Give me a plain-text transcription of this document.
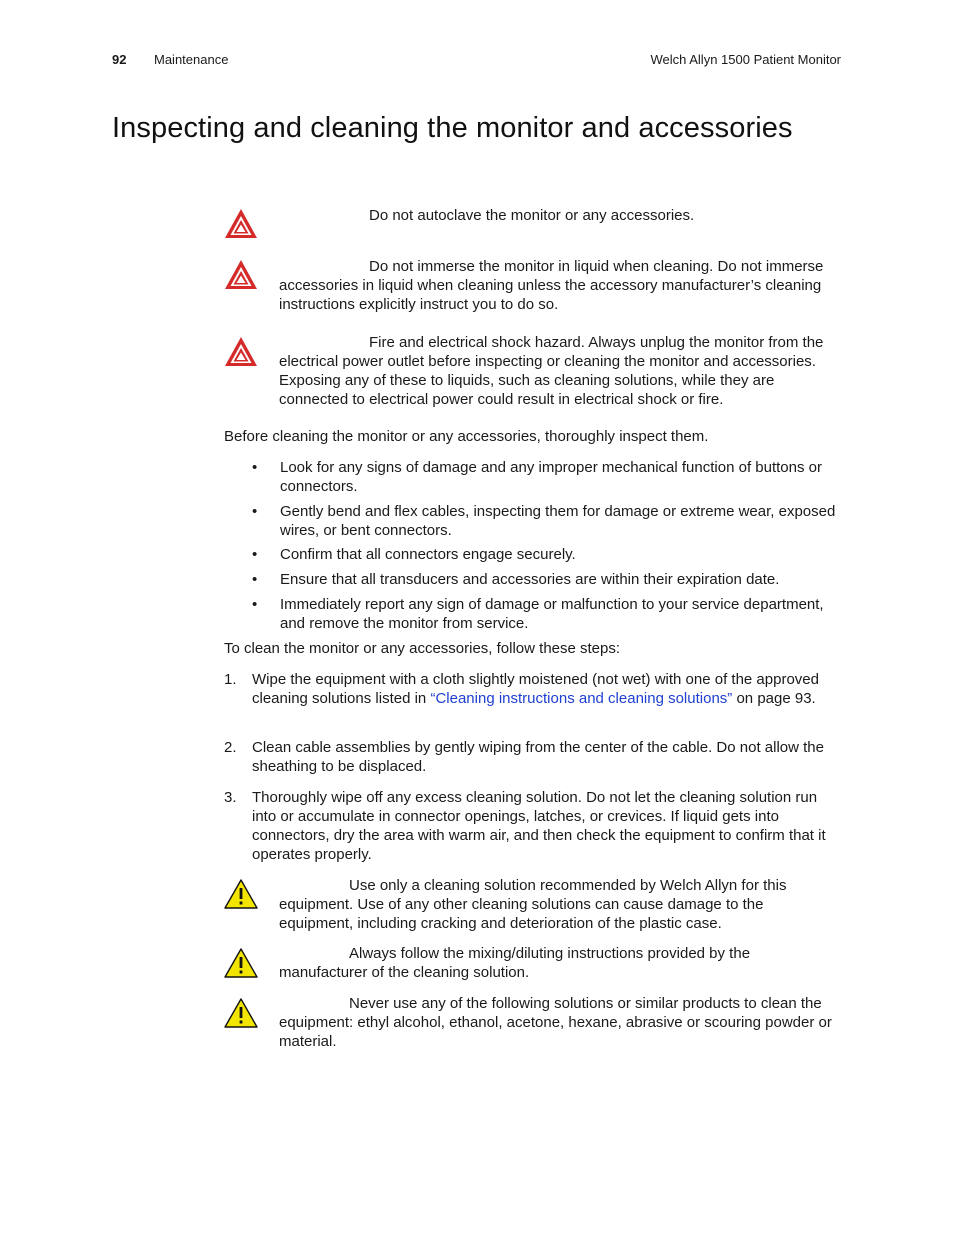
92 Maintenance	Welch Allyn 1500 Patient Monitor
Inspecting and cleaning the monitor and accessories
Do not autoclave the monitor or any accessories.
Do not immerse the monitor in liquid when cleaning. Do not immerse accessories in liquid when cleaning unless the accessory manufacturer’s cleaning instructions explicitly instruct you to do so.
Fire and electrical shock hazard. Always unplug the monitor from the electrical power outlet before inspecting or cleaning the monitor and accessories. Exposing any of these to liquids, such as cleaning solutions, while they are connected to electrical power could result in electrical shock or fire.
Before cleaning the monitor or any accessories, thoroughly inspect them.
• Look for any signs of damage and any improper mechanical function of buttons or connectors.
• Gently bend and flex cables, inspecting them for damage or extreme wear, exposed wires, or bent connectors.
• Confirm that all connectors engage securely.
• Ensure that all transducers and accessories are within their expiration date.
• Immediately report any sign of damage or malfunction to your service department, and remove the monitor from service.
To clean the monitor or any accessories, follow these steps:
1. Wipe the equipment with a cloth slightly moistened (not wet) with one of the approved cleaning solutions listed in “Cleaning instructions and cleaning solutions” on page 93.
2. Clean cable assemblies by gently wiping from the center of the cable. Do not allow the sheathing to be displaced.
3. Thoroughly wipe off any excess cleaning solution. Do not let the cleaning solution run into or accumulate in connector openings, latches, or crevices. If liquid gets into connectors, dry the area with warm air, and then check the equipment to confirm that it operates properly.
Use only a cleaning solution recommended by Welch Allyn for this equipment. Use of any other cleaning solutions can cause damage to the equipment, including cracking and deterioration of the plastic case.
Always follow the mixing/diluting instructions provided by the manufacturer of the cleaning solution.
Never use any of the following solutions or similar products to clean the equipment: ethyl alcohol, ethanol, acetone, hexane, abrasive or scouring powder or material.
